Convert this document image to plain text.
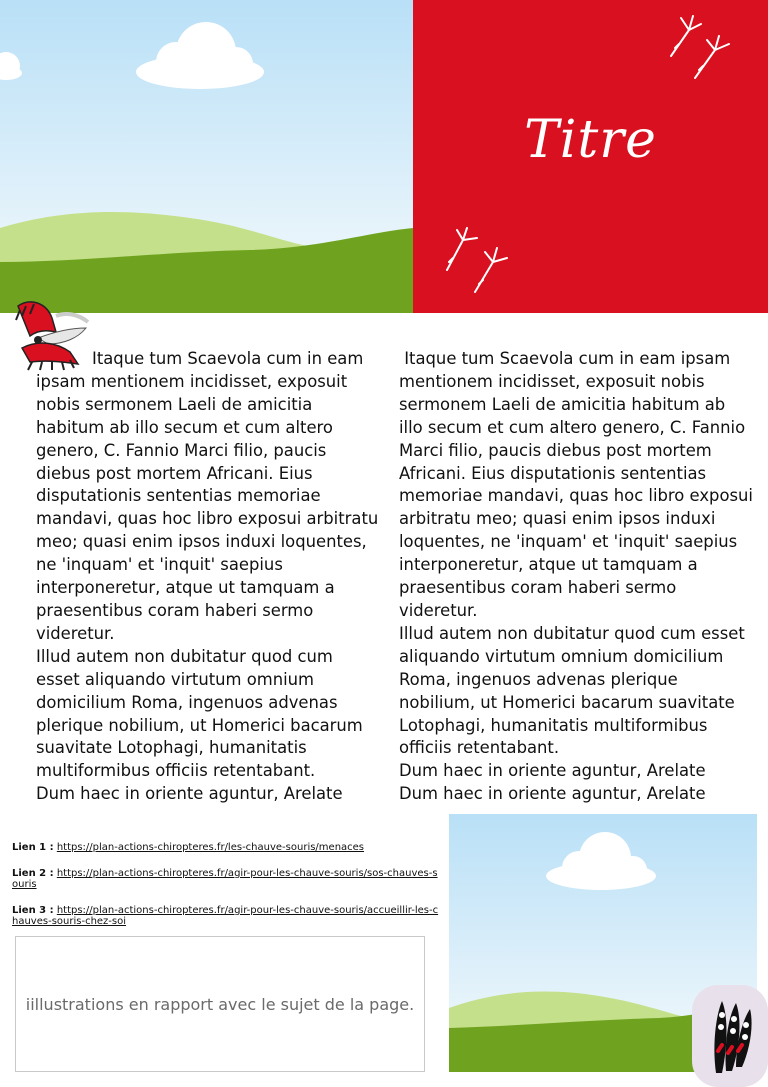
Titre
Itaque tum Scaevola cum in eam ipsam mentionem incidisset, exposuit nobis sermonem Laeli de amicitia habitum ab illo secum et cum altero genero, C. Fannio Marci filio, paucis diebus post mortem Africani. Eius disputationis sententias memoriae mandavi, quas hoc libro exposui arbitratu meo; quasi enim ipsos induxi loquentes, ne 'inquam' et 'inquit' saepius interponeretur, atque ut tamquam a praesentibus coram haberi sermo videretur.
Illud autem non dubitatur quod cum esset aliquando virtutum omnium domicilium Roma, ingenuos advenas plerique nobilium, ut Homerici bacarum suavitate Lotophagi, humanitatis multiformibus officiis retentabant.
Dum haec in oriente aguntur, Arelate
Itaque tum Scaevola cum in eam ipsam mentionem incidisset, exposuit nobis sermonem Laeli de amicitia habitum ab illo secum et cum altero genero, C. Fannio Marci filio, paucis diebus post mortem Africani. Eius disputationis sententias memoriae mandavi, quas hoc libro exposui arbitratu meo; quasi enim ipsos induxi loquentes, ne 'inquam' et 'inquit' saepius interponeretur, atque ut tamquam a praesentibus coram haberi sermo videretur.
Illud autem non dubitatur quod cum esset aliquando virtutum omnium domicilium Roma, ingenuos advenas plerique nobilium, ut Homerici bacarum suavitate Lotophagi, humanitatis multiformibus officiis retentabant.
Dum haec in oriente aguntur, Arelate
Dum haec in oriente aguntur, Arelate
Lien 1 : https://plan-actions-chiropteres.fr/les-chauve-souris/menaces
Lien 2 : https://plan-actions-chiropteres.fr/agir-pour-les-chauve-souris/sos-chauves-souris
Lien 3 : https://plan-actions-chiropteres.fr/agir-pour-les-chauve-souris/accueillir-les-chauves-souris-chez-soi
iillustrations en rapport avec le sujet de la page.
